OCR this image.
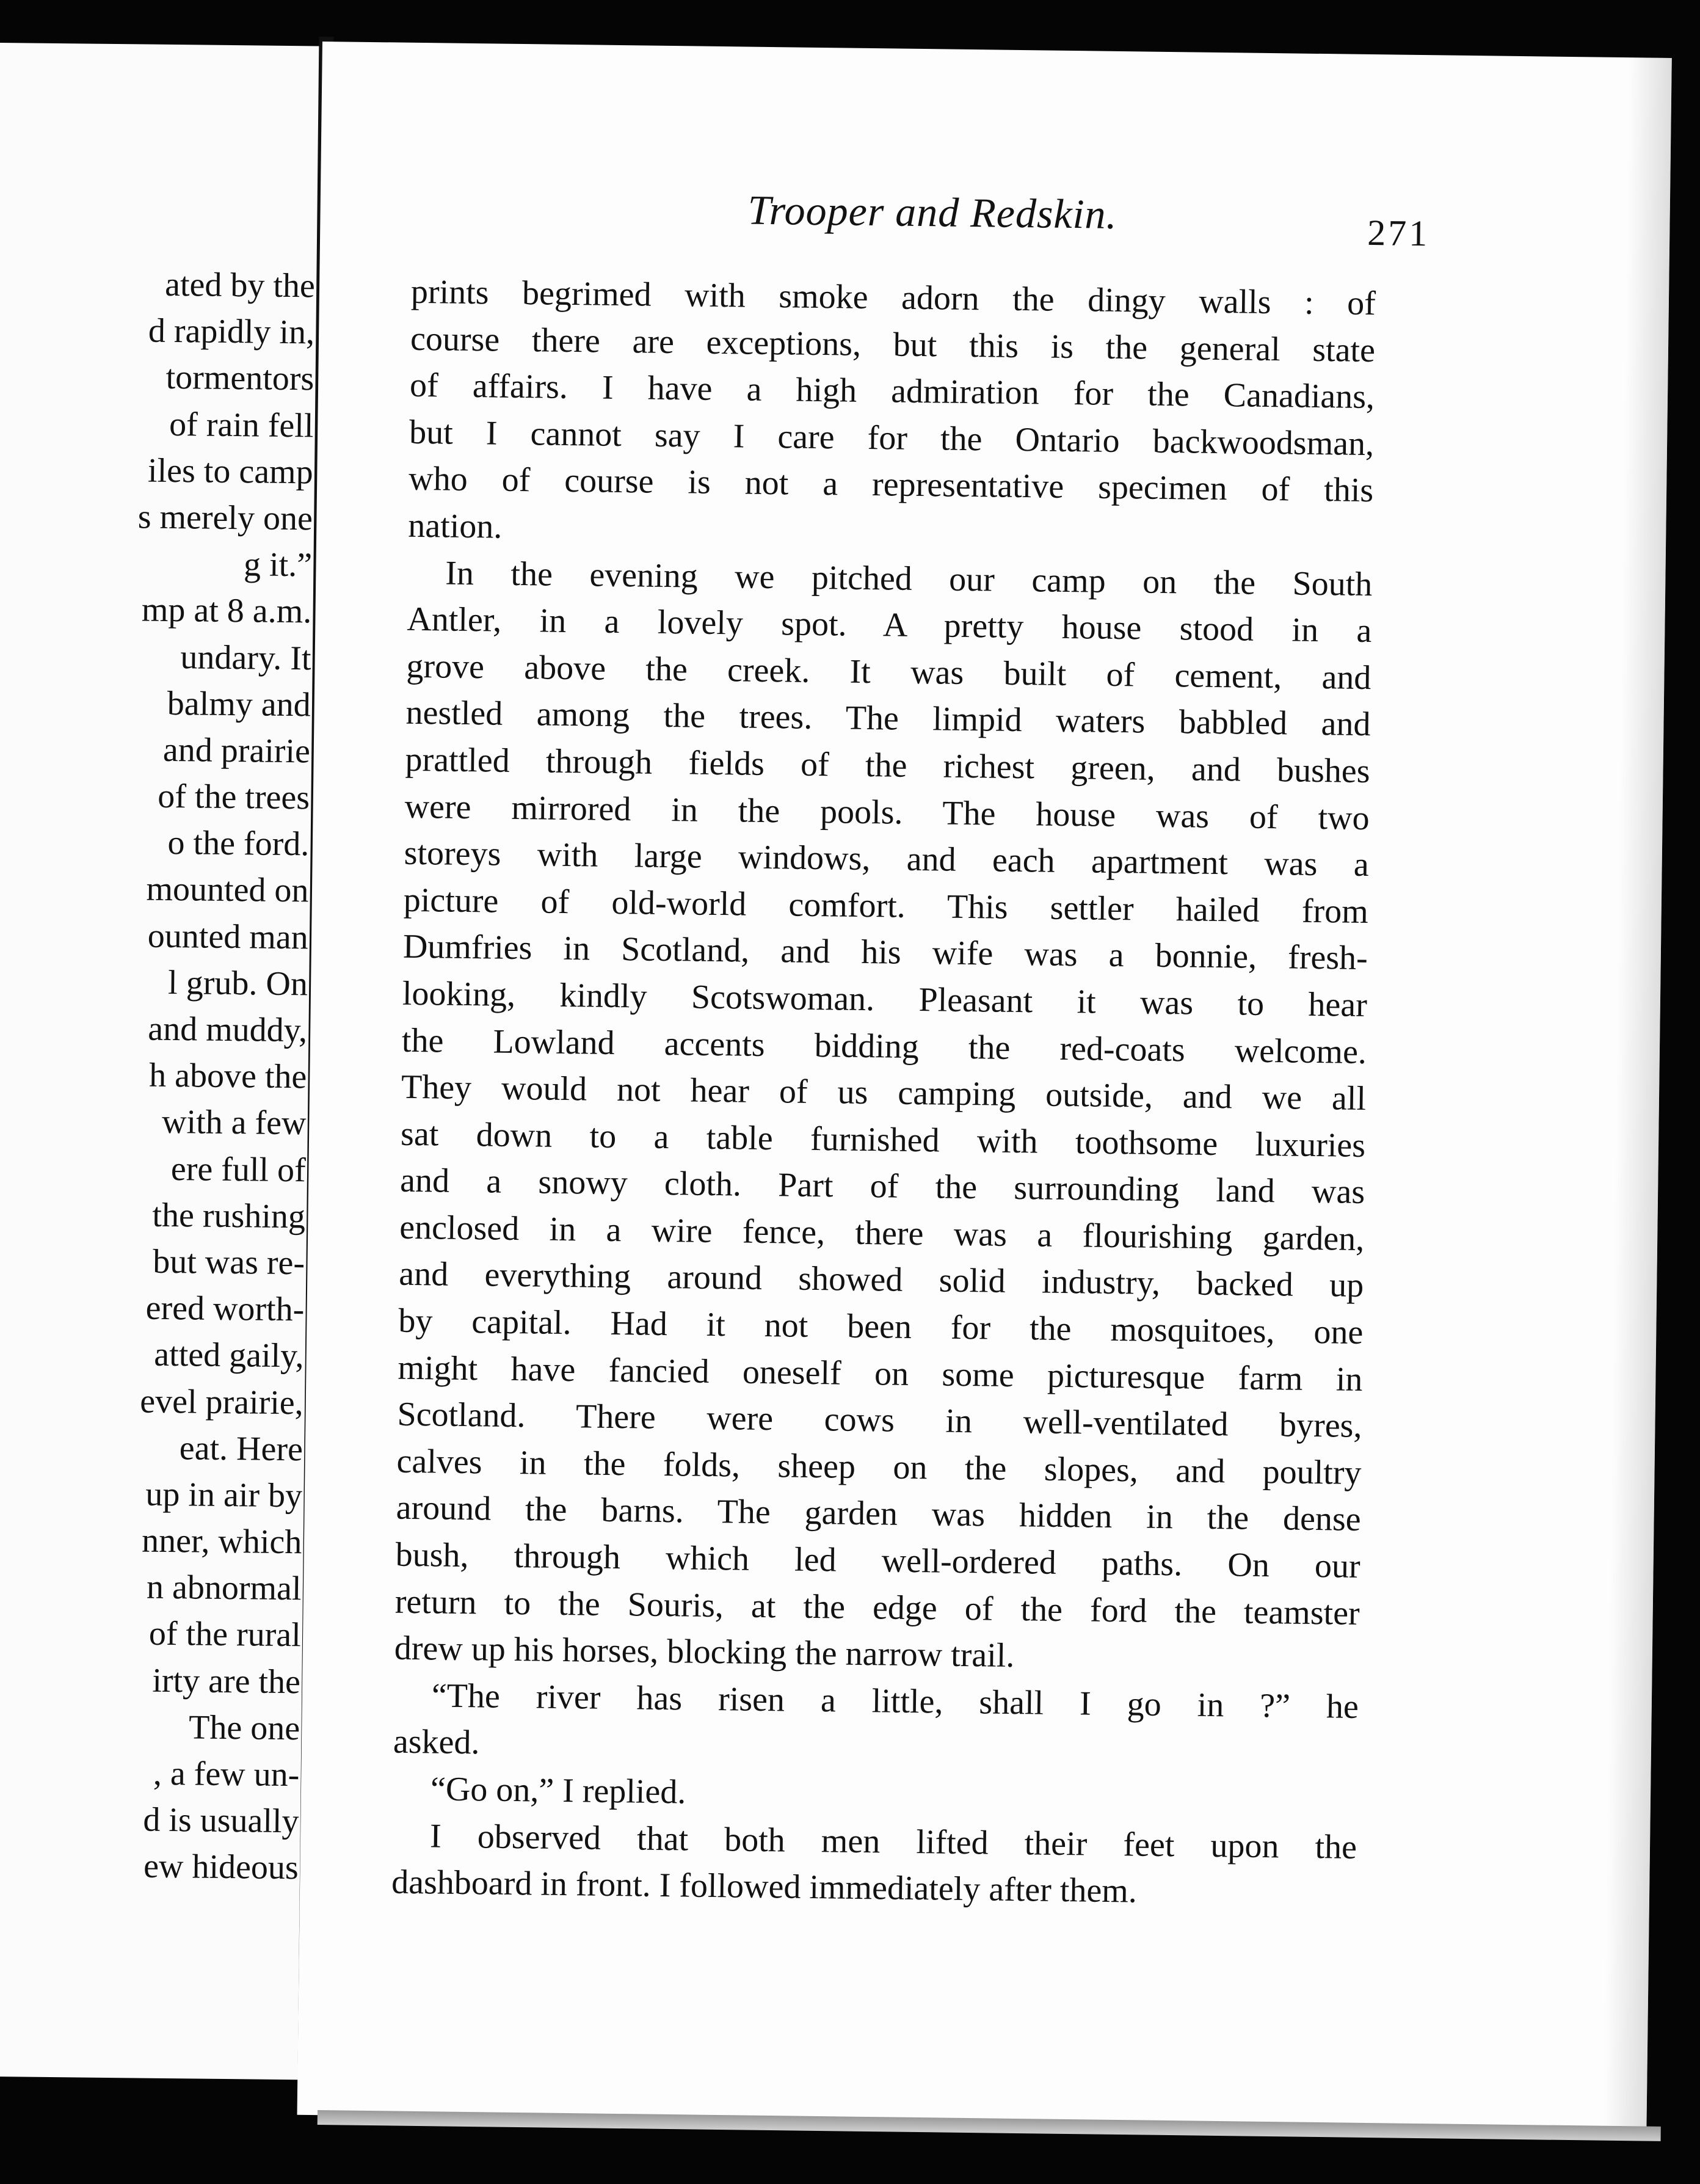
ated by the
d rapidly in,
tormentors
of rain fell
iles to camp
s merely one
g it.”
mp at 8 a.m.
undary. It
balmy and
and prairie
of the trees
o the ford.
mounted on
ounted man
l grub. On
and muddy,
h above the
with a few
ere full of
the rushing
but was re-
ered worth-
atted gaily,
evel prairie,
eat. Here
up in air by
nner, which
n abnormal
of the rural
irty are the
The one
, a few un-
d is usually
ew hideous
Trooper and Redskin.	271
prints begrimed with smoke adorn the dingy walls : of
course there are exceptions, but this is the general state
of affairs. I have a high admiration for the Canadians,
but I cannot say I care for the Ontario backwoodsman,
who of course is not a representative specimen of this
nation.
In the evening we pitched our camp on the South
Antler, in a lovely spot. A pretty house stood in a
grove above the creek. It was built of cement, and
nestled among the trees. The limpid waters babbled and
prattled through fields of the richest green, and bushes
were mirrored in the pools. The house was of two
storeys with large windows, and each apartment was a
picture of old-world comfort. This settler hailed from
Dumfries in Scotland, and his wife was a bonnie, fresh-
looking, kindly Scotswoman. Pleasant it was to hear
the Lowland accents bidding the red-coats welcome.
They would not hear of us camping outside, and we all
sat down to a table furnished with toothsome luxuries
and a snowy cloth. Part of the surrounding land was
enclosed in a wire fence, there was a flourishing garden,
and everything around showed solid industry, backed up
by capital. Had it not been for the mosquitoes, one
might have fancied oneself on some picturesque farm in
Scotland. There were cows in well-ventilated byres,
calves in the folds, sheep on the slopes, and poultry
around the barns. The garden was hidden in the dense
bush, through which led well-ordered paths. On our
return to the Souris, at the edge of the ford the teamster
drew up his horses, blocking the narrow trail.
“The river has risen a little, shall I go in ?” he
asked.
“Go on,” I replied.
I observed that both men lifted their feet upon the
dashboard in front. I followed immediately after them.
